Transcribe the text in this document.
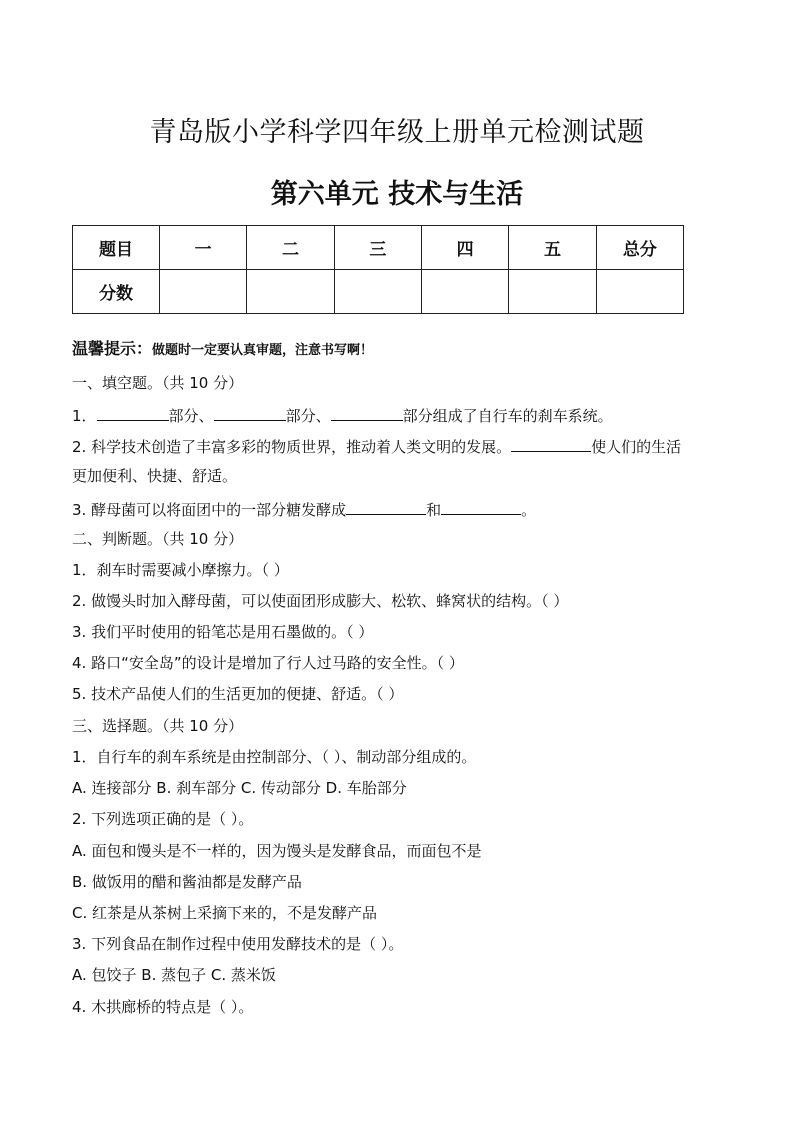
青岛版小学科学四年级上册单元检测试题
第六单元 技术与生活
题目	一	二	三	四	五	总分
分数						
温馨提示：做题时一定要认真审题，注意书写啊！
一、填空题。（共 10 分）
1．	部分、	部分、	部分组成了自行车的刹车系统。
2. 科学技术创造了丰富多彩的物质世界，推动着人类文明的发展。	使人们的生活
更加便利、快捷、舒适。
3. 酵母菌可以将面团中的一部分糖发酵成	和	。
二、判断题。（共 10 分）
1．刹车时需要减小摩擦力。（ ）
2. 做馒头时加入酵母菌，可以使面团形成膨大、松软、蜂窝状的结构。（ ）
3. 我们平时使用的铅笔芯是用石墨做的。（ ）
4. 路口“安全岛”的设计是增加了行人过马路的安全性。（ ）
5. 技术产品使人们的生活更加的便捷、舒适。（ ）
三、选择题。（共 10 分）
1．自行车的刹车系统是由控制部分、（ ）、制动部分组成的。
A. 连接部分 B. 刹车部分 C. 传动部分 D. 车胎部分
2. 下列选项正确的是（ ）。
A. 面包和馒头是不一样的，因为馒头是发酵食品，而面包不是
B. 做饭用的醋和酱油都是发酵产品
C. 红茶是从茶树上采摘下来的，不是发酵产品
3. 下列食品在制作过程中使用发酵技术的是（ ）。
A. 包饺子 B. 蒸包子 C. 蒸米饭
4. 木拱廊桥的特点是（ ）。
